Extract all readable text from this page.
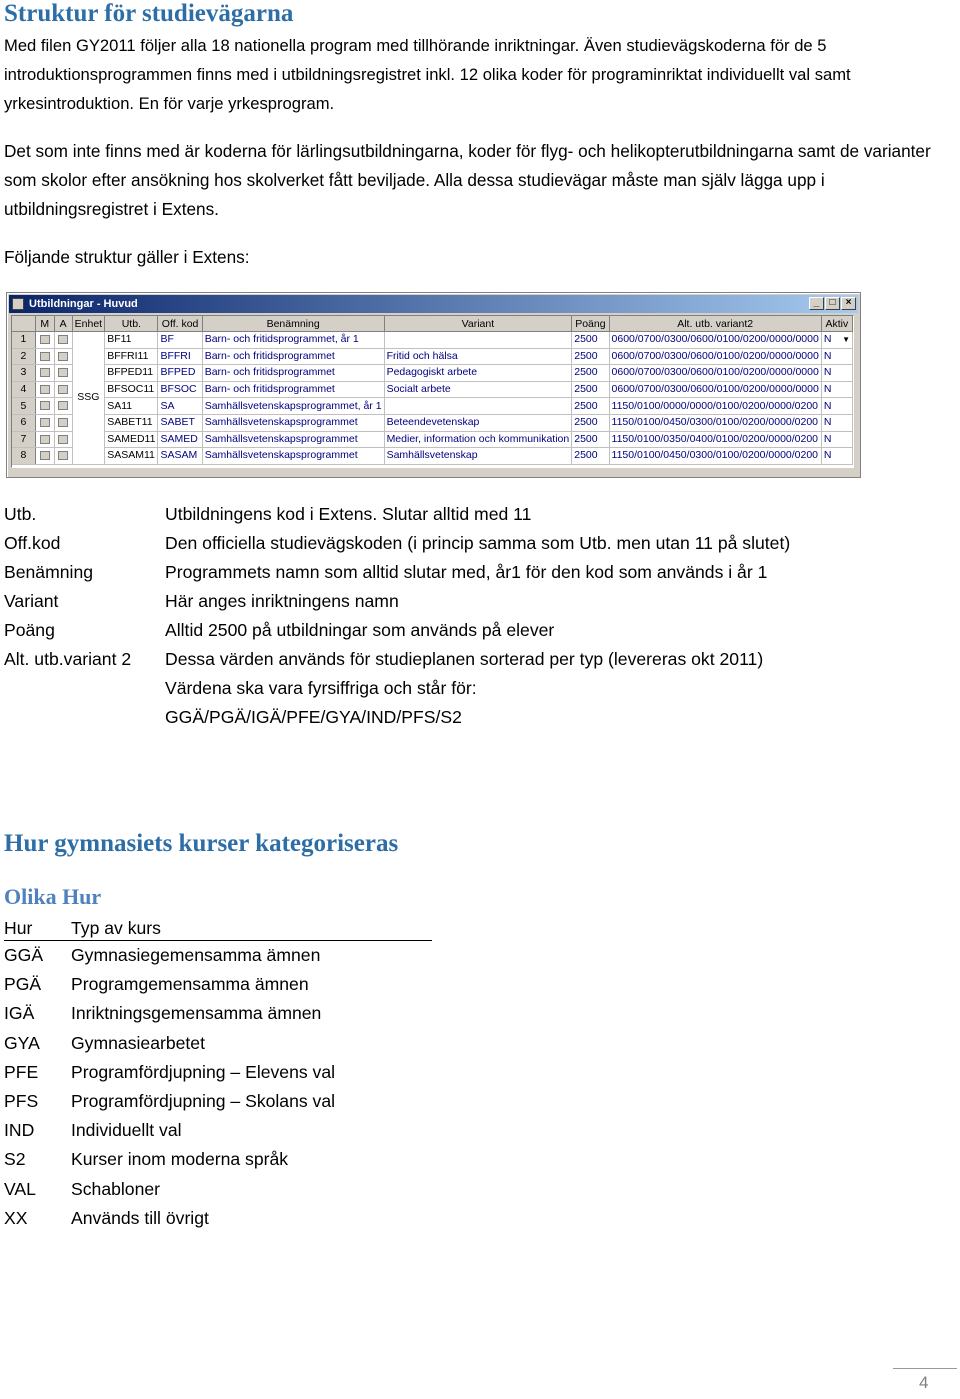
Struktur för studievägarna

Med filen GY2011 följer alla 18 nationella program med tillhörande inriktningar. Även studievägskoderna för de 5 introduktionsprogrammen finns med i utbildningsregistret inkl. 12 olika koder för programinriktat individuellt val samt yrkesintroduktion. En för varje yrkesprogram.

Det som inte finns med är koderna för lärlingsutbildningarna, koder för flyg- och helikopterutbildningarna samt de varianter som skolor efter ansökning hos skolverket fått beviljade. Alla dessa studievägar måste man själv lägga upp i utbildningsregistret i Extens.

Följande struktur gäller i Extens:

Utbildningar - Huvud	_	□	×
	M	A	Enhet	Utb.	Off. kod	Benämning	Variant	Poäng	Alt. utb. variant2	Aktiv
1			SSG	BF11	BF	Barn- och fritidsprogrammet, år 1		2500	0600/0700/0300/0600/0100/0200/0000/0000	N ▼

2				BFFRI11	BFFRI	Barn- och fritidsprogrammet	Fritid och hälsa	2500	0600/0700/0300/0600/0100/0200/0000/0000	N
3				BFPED11	BFPED	Barn- och fritidsprogrammet	Pedagogiskt arbete	2500	0600/0700/0300/0600/0100/0200/0000/0000	N
4				BFSOC11	BFSOC	Barn- och fritidsprogrammet	Socialt arbete	2500	0600/0700/0300/0600/0100/0200/0000/0000	N
5				SA11	SA	Samhällsvetenskapsprogrammet, år 1		2500	1150/0100/0000/0000/0100/0200/0000/0200	N
6				SABET11	SABET	Samhällsvetenskapsprogrammet	Beteendevetenskap	2500	1150/0100/0450/0300/0100/0200/0000/0200	N
7				SAMED11	SAMED	Samhällsvetenskapsprogrammet	Medier, information och kommunikation	2500	1150/0100/0350/0400/0100/0200/0000/0200	N
8				SASAM11	SASAM	Samhällsvetenskapsprogrammet	Samhällsvetenskap	2500	1150/0100/0450/0300/0100/0200/0000/0200	N
Utb.	Utbildningens kod i Extens. Slutar alltid med 11
Off.kod	Den officiella studievägskoden (i princip samma som Utb. men utan 11 på slutet)
Benämning	Programmets namn som alltid slutar med, år1 för den kod som används i år 1
Variant	Här anges inriktningens namn
Poäng	Alltid 2500 på utbildningar som används på elever
Alt. utb.variant 2 Dessa värden används för studieplanen sorterad per typ (levereras okt 2011)
Värdena ska vara fyrsiffriga och står för:
GGÄ/PGÄ/IGÄ/PFE/GYA/IND/PFS/S2
Hur gymnasiets kurser kategoriseras
Olika Hur
Hur Typ av kurs
GGÄ Gymnasiegemensamma ämnen
PGÄ Programgemensamma ämnen
IGÄ Inriktningsgemensamma ämnen
GYA Gymnasiearbetet
PFE Programfördjupning – Elevens val
PFS Programfördjupning – Skolans val
IND Individuellt val
S2	Kurser inom moderna språk
VAL Schabloner
XX Används till övrigt
4
